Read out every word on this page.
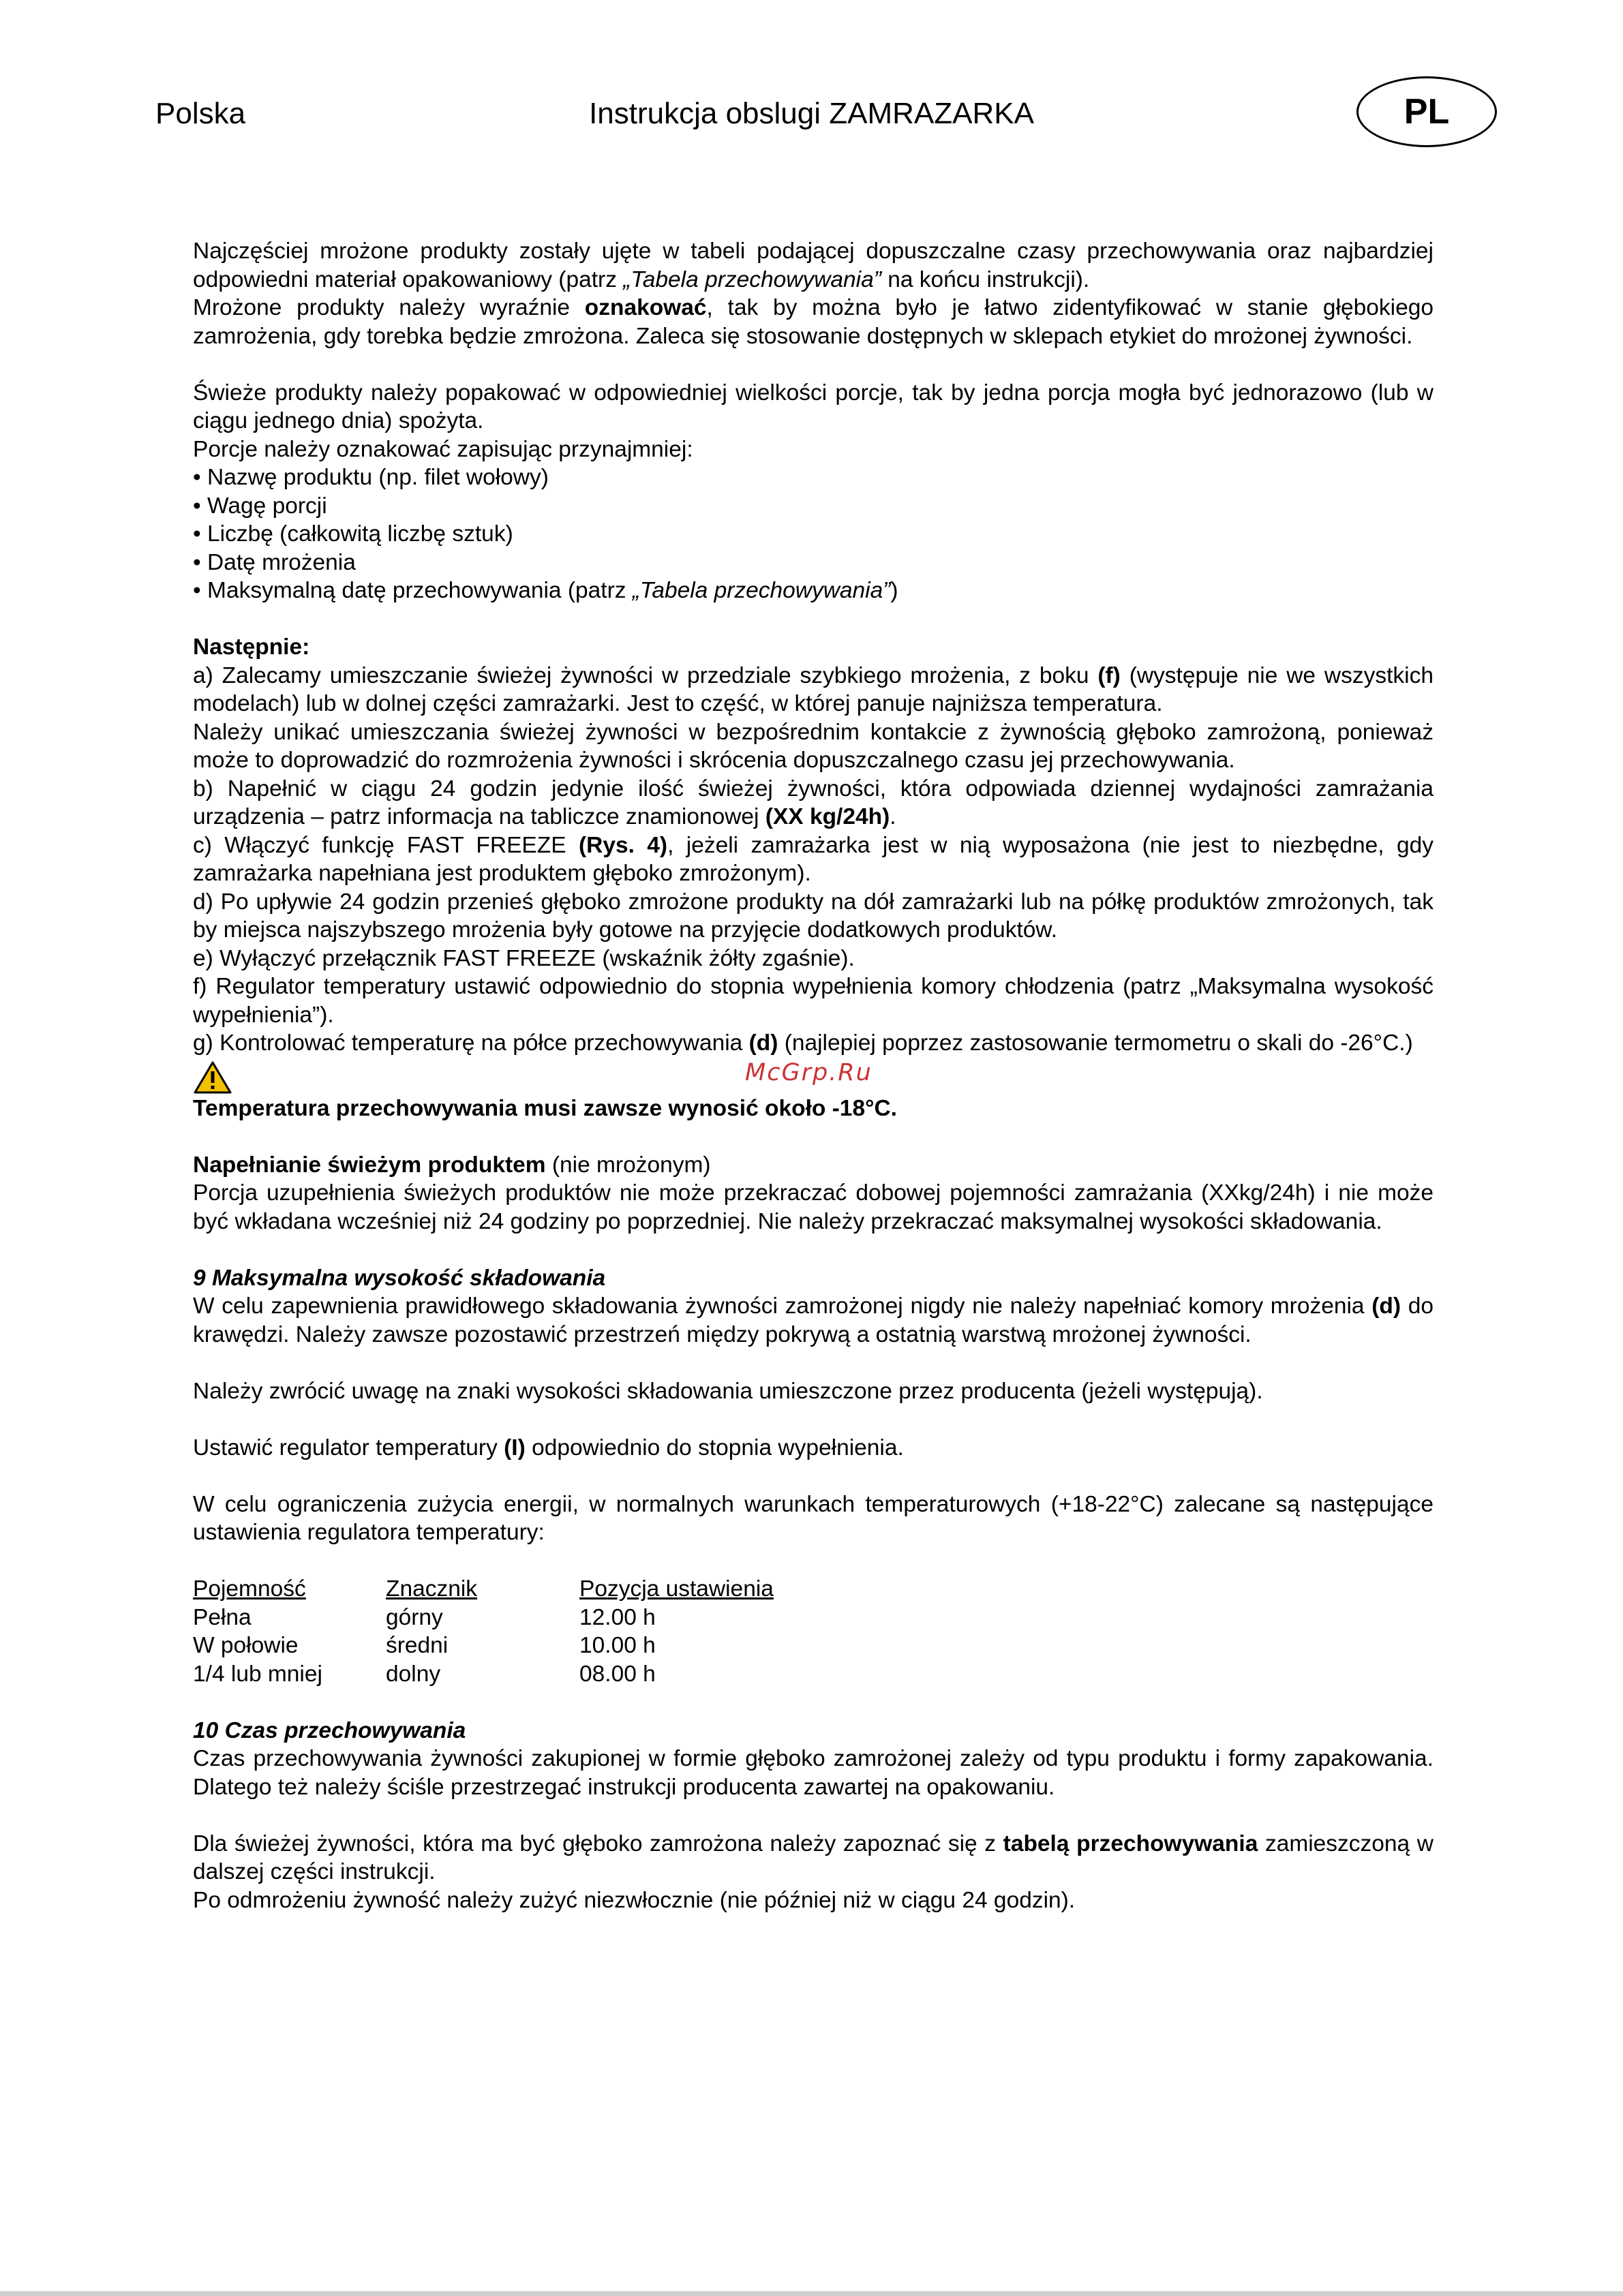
Polska	Instrukcja obslugi ZAMRAZARKA	PL

Najczęściej mrożone produkty zostały ujęte w tabeli podającej dopuszczalne czasy przechowywania oraz najbardziej odpowiedni materiał opakowaniowy (patrz „Tabela przechowywania” na końcu instrukcji).

Mrożone produkty należy wyraźnie oznakować, tak by można było je łatwo zidentyfikować w stanie głębokiego zamrożenia, gdy torebka będzie zmrożona. Zaleca się stosowanie dostępnych w sklepach etykiet do mrożonej żywności.

Świeże produkty należy popakować w odpowiedniej wielkości porcje, tak by jedna porcja mogła być jednorazowo (lub w ciągu jednego dnia) spożyta.

Porcje należy oznakować zapisując przynajmniej:

• Nazwę produktu (np. filet wołowy)

• Wagę porcji

• Liczbę (całkowitą liczbę sztuk)

• Datę mrożenia

• Maksymalną datę przechowywania (patrz „Tabela przechowywania”)

Następnie:

a) Zalecamy umieszczanie świeżej żywności w przedziale szybkiego mrożenia, z boku (f) (występuje nie we wszystkich modelach) lub w dolnej części zamrażarki. Jest to część, w której panuje najniższa temperatura.

Należy unikać umieszczania świeżej żywności w bezpośrednim kontakcie z żywnością głęboko zamrożoną, ponieważ może to doprowadzić do rozmrożenia żywności i skrócenia dopuszczalnego czasu jej przechowywania.

b) Napełnić w ciągu 24 godzin jedynie ilość świeżej żywności, która odpowiada dziennej wydajności zamrażania urządzenia – patrz informacja na tabliczce znamionowej (XX kg/24h).

c) Włączyć funkcję FAST FREEZE (Rys. 4), jeżeli zamrażarka jest w nią wyposażona (nie jest to niezbędne, gdy zamrażarka napełniana jest produktem głęboko zmrożonym).

d) Po upływie 24 godzin przenieś głęboko zmrożone produkty na dół zamrażarki lub na półkę produktów zmrożonych, tak by miejsca najszybszego mrożenia były gotowe na przyjęcie dodatkowych produktów.

e) Wyłączyć przełącznik FAST FREEZE (wskaźnik żółty zgaśnie).

f) Regulator temperatury ustawić odpowiednio do stopnia wypełnienia komory chłodzenia (patrz „Maksymalna wysokość wypełnienia”).

g) Kontrolować temperaturę na półce przechowywania (d) (najlepiej poprzez zastosowanie termometru o skali do -26°C.)

McGrp.Ru

Temperatura przechowywania musi zawsze wynosić około -18°C.

Napełnianie świeżym produktem (nie mrożonym)

Porcja uzupełnienia świeżych produktów nie może przekraczać dobowej pojemności zamrażania (XXkg/24h) i nie może być wkładana wcześniej niż 24 godziny po poprzedniej. Nie należy przekraczać maksymalnej wysokości składowania.

9 Maksymalna wysokość składowania

W celu zapewnienia prawidłowego składowania żywności zamrożonej nigdy nie należy napełniać komory mrożenia (d) do krawędzi. Należy zawsze pozostawić przestrzeń między pokrywą a ostatnią warstwą mrożonej żywności.

Należy zwrócić uwagę na znaki wysokości składowania umieszczone przez producenta (jeżeli występują).

Ustawić regulator temperatury (I) odpowiednio do stopnia wypełnienia.

W celu ograniczenia zużycia energii, w normalnych warunkach temperaturowych (+18-22°C) zalecane są następujące ustawienia regulatora temperatury:

Pojemność	Znacznik	Pozycja ustawienia
Pełna	górny	12.00 h
W połowie	średni	10.00 h
1/4 lub mniej	dolny	08.00 h

10 Czas przechowywania

Czas przechowywania żywności zakupionej w formie głęboko zamrożonej zależy od typu produktu i formy zapakowania. Dlatego też należy ściśle przestrzegać instrukcji producenta zawartej na opakowaniu.

Dla świeżej żywności, która ma być głęboko zamrożona należy zapoznać się z tabelą przechowywania zamieszczoną w dalszej części instrukcji.

Po odmrożeniu żywność należy zużyć niezwłocznie (nie później niż w ciągu 24 godzin).
